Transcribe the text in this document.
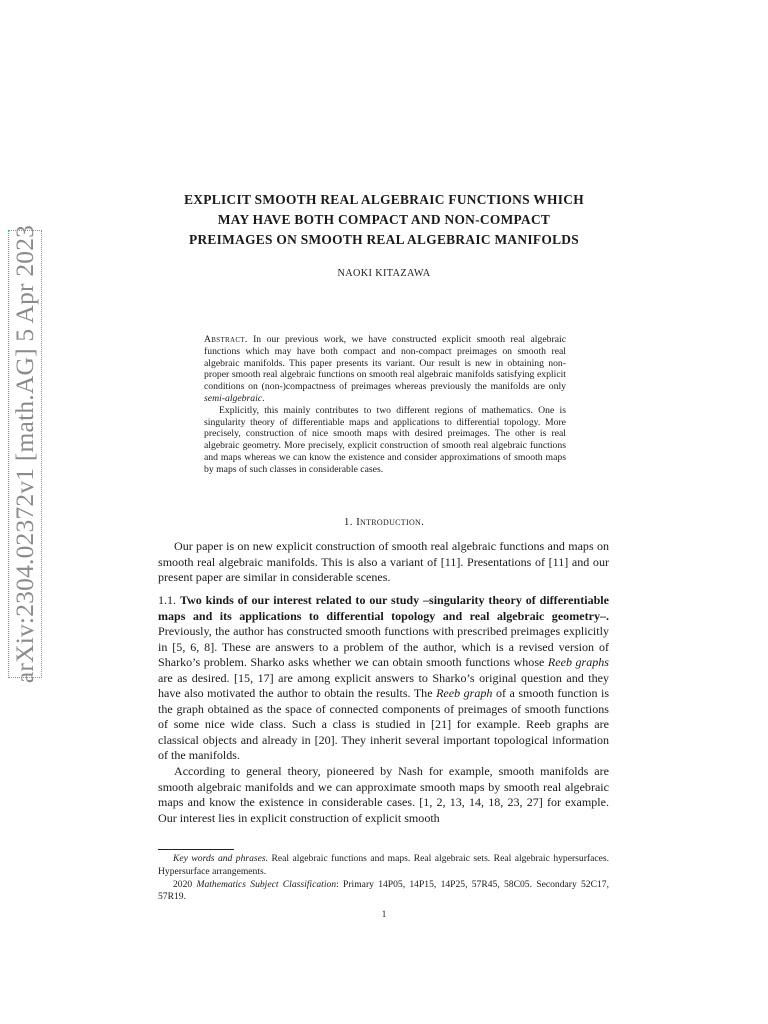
arXiv:2304.02372v1 [math.AG] 5 Apr 2023
EXPLICIT SMOOTH REAL ALGEBRAIC FUNCTIONS WHICH
MAY HAVE BOTH COMPACT AND NON-COMPACT
PREIMAGES ON SMOOTH REAL ALGEBRAIC MANIFOLDS
NAOKI KITAZAWA

Abstract. In our previous work, we have constructed explicit smooth real algebraic functions which may have both compact and non-compact preimages on smooth real algebraic manifolds. This paper presents its variant. Our result is new in obtaining non-proper smooth real algebraic functions on smooth real algebraic manifolds satisfying explicit conditions on (non-)compactness of preimages whereas previously the manifolds are only semi-algebraic.

Explicitly, this mainly contributes to two different regions of mathematics. One is singularity theory of differentiable maps and applications to differential topology. More precisely, construction of nice smooth maps with desired preimages. The other is real algebraic geometry. More precisely, explicit construction of smooth real algebraic functions and maps whereas we can know the existence and consider approximations of smooth maps by maps of such classes in considerable cases.

1. Introduction.

Our paper is on new explicit construction of smooth real algebraic functions and maps on smooth real algebraic manifolds. This is also a variant of [11]. Presentations of [11] and our present paper are similar in considerable scenes.

1.1. Two kinds of our interest related to our study –singularity theory of differentiable maps and its applications to differential topology and real algebraic geometry–. Previously, the author has constructed smooth functions with prescribed preimages explicitly in [5, 6, 8]. These are answers to a problem of the author, which is a revised version of Sharko’s problem. Sharko asks whether we can obtain smooth functions whose Reeb graphs are as desired. [15, 17] are among explicit answers to Sharko’s original question and they have also motivated the author to obtain the results. The Reeb graph of a smooth function is the graph obtained as the space of connected components of preimages of smooth functions of some nice wide class. Such a class is studied in [21] for example. Reeb graphs are classical objects and already in [20]. They inherit several important topological information of the manifolds.

According to general theory, pioneered by Nash for example, smooth manifolds are smooth algebraic manifolds and we can approximate smooth maps by smooth real algebraic maps and know the existence in considerable cases. [1, 2, 13, 14, 18, 23, 27] for example. Our interest lies in explicit construction of explicit smooth

Key words and phrases. Real algebraic functions and maps. Real algebraic sets. Real algebraic hypersurfaces. Hypersurface arrangements.

2020 Mathematics Subject Classification: Primary 14P05, 14P15, 14P25, 57R45, 58C05. Secondary 52C17, 57R19.

1
